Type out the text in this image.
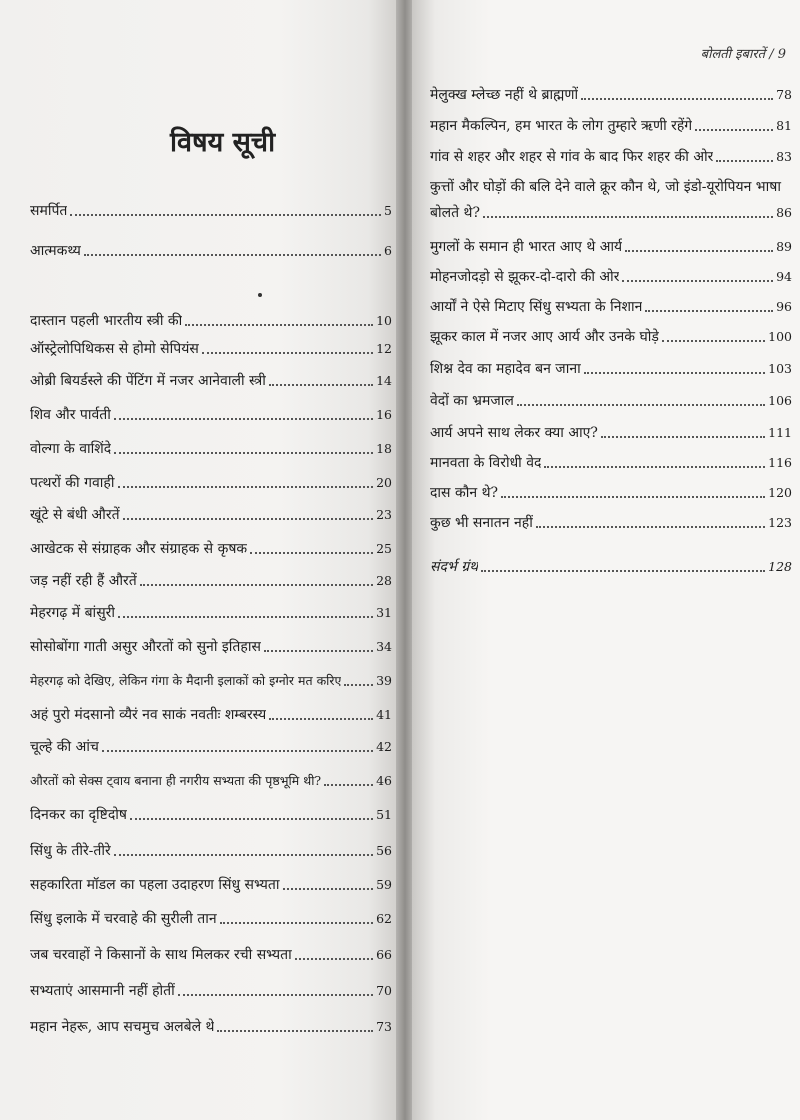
विषय सूची
समर्पित	5
आत्मकथ्य	6
दास्तान पहली भारतीय स्त्री की	10
ऑस्ट्रेलोपिथिकस से होमो सेपियंस	12
ओब्री बियर्डस्ले की पेंटिंग में नजर आनेवाली स्त्री	14
शिव और पार्वती	16
वोल्गा के वाशिंदे	18
पत्थरों की गवाही	20
खूंटे से बंधी औरतें	23
आखेटक से संग्राहक और संग्राहक से कृषक	25
जड़ नहीं रही हैं औरतें	28
मेहरगढ़ में बांसुरी	31
सोसोबोंगा गाती असुर औरतों को सुनो इतिहास	34
मेहरगढ़ को देखिए, लेकिन गंगा के मैदानी इलाकों को इग्नोर मत करिए	39
अहं पुरो मंदसानो व्यैरं नव साकं नवतीः शम्बरस्य	41
चूल्हे की आंच	42
औरतों को सेक्स ट्वाय बनाना ही नगरीय सभ्यता की पृष्ठभूमि थी?	46
दिनकर का दृष्टिदोष	51
सिंधु के तीरे-तीरे	56
सहकारिता मॉडल का पहला उदाहरण सिंधु सभ्यता	59
सिंधु इलाके में चरवाहे की सुरीली तान	62
जब चरवाहों ने किसानों के साथ मिलकर रची सभ्यता	66
सभ्यताएं आसमानी नहीं होतीं	70
महान नेहरू, आप सचमुच अलबेले थे	73
बोलती इबारतें / 9
मेलुक्ख म्लेच्छ नहीं थे ब्राह्मणों	78
महान मैकल्पिन, हम भारत के लोग तुम्हारे ऋणी रहेंगे	81
गांव से शहर और शहर से गांव के बाद फिर शहर की ओर	83
कुत्तों और घोड़ों की बलि देने वाले क्रूर कौन थे, जो इंडो-यूरोपियन भाषा
बोलते थे?	86
मुगलों के समान ही भारत आए थे आर्य	89
मोहनजोदड़ो से झूकर-दो-दारो की ओर	94
आर्यों ने ऐसे मिटाए सिंधु सभ्यता के निशान	96
झूकर काल में नजर आए आर्य और उनके घोड़े	100
शिश्न देव का महादेव बन जाना	103
वेदों का भ्रमजाल	106
आर्य अपने साथ लेकर क्या आए?	111
मानवता के विरोधी वेद	116
दास कौन थे?	120
कुछ भी सनातन नहीं	123
संदर्भ ग्रंथ	128
